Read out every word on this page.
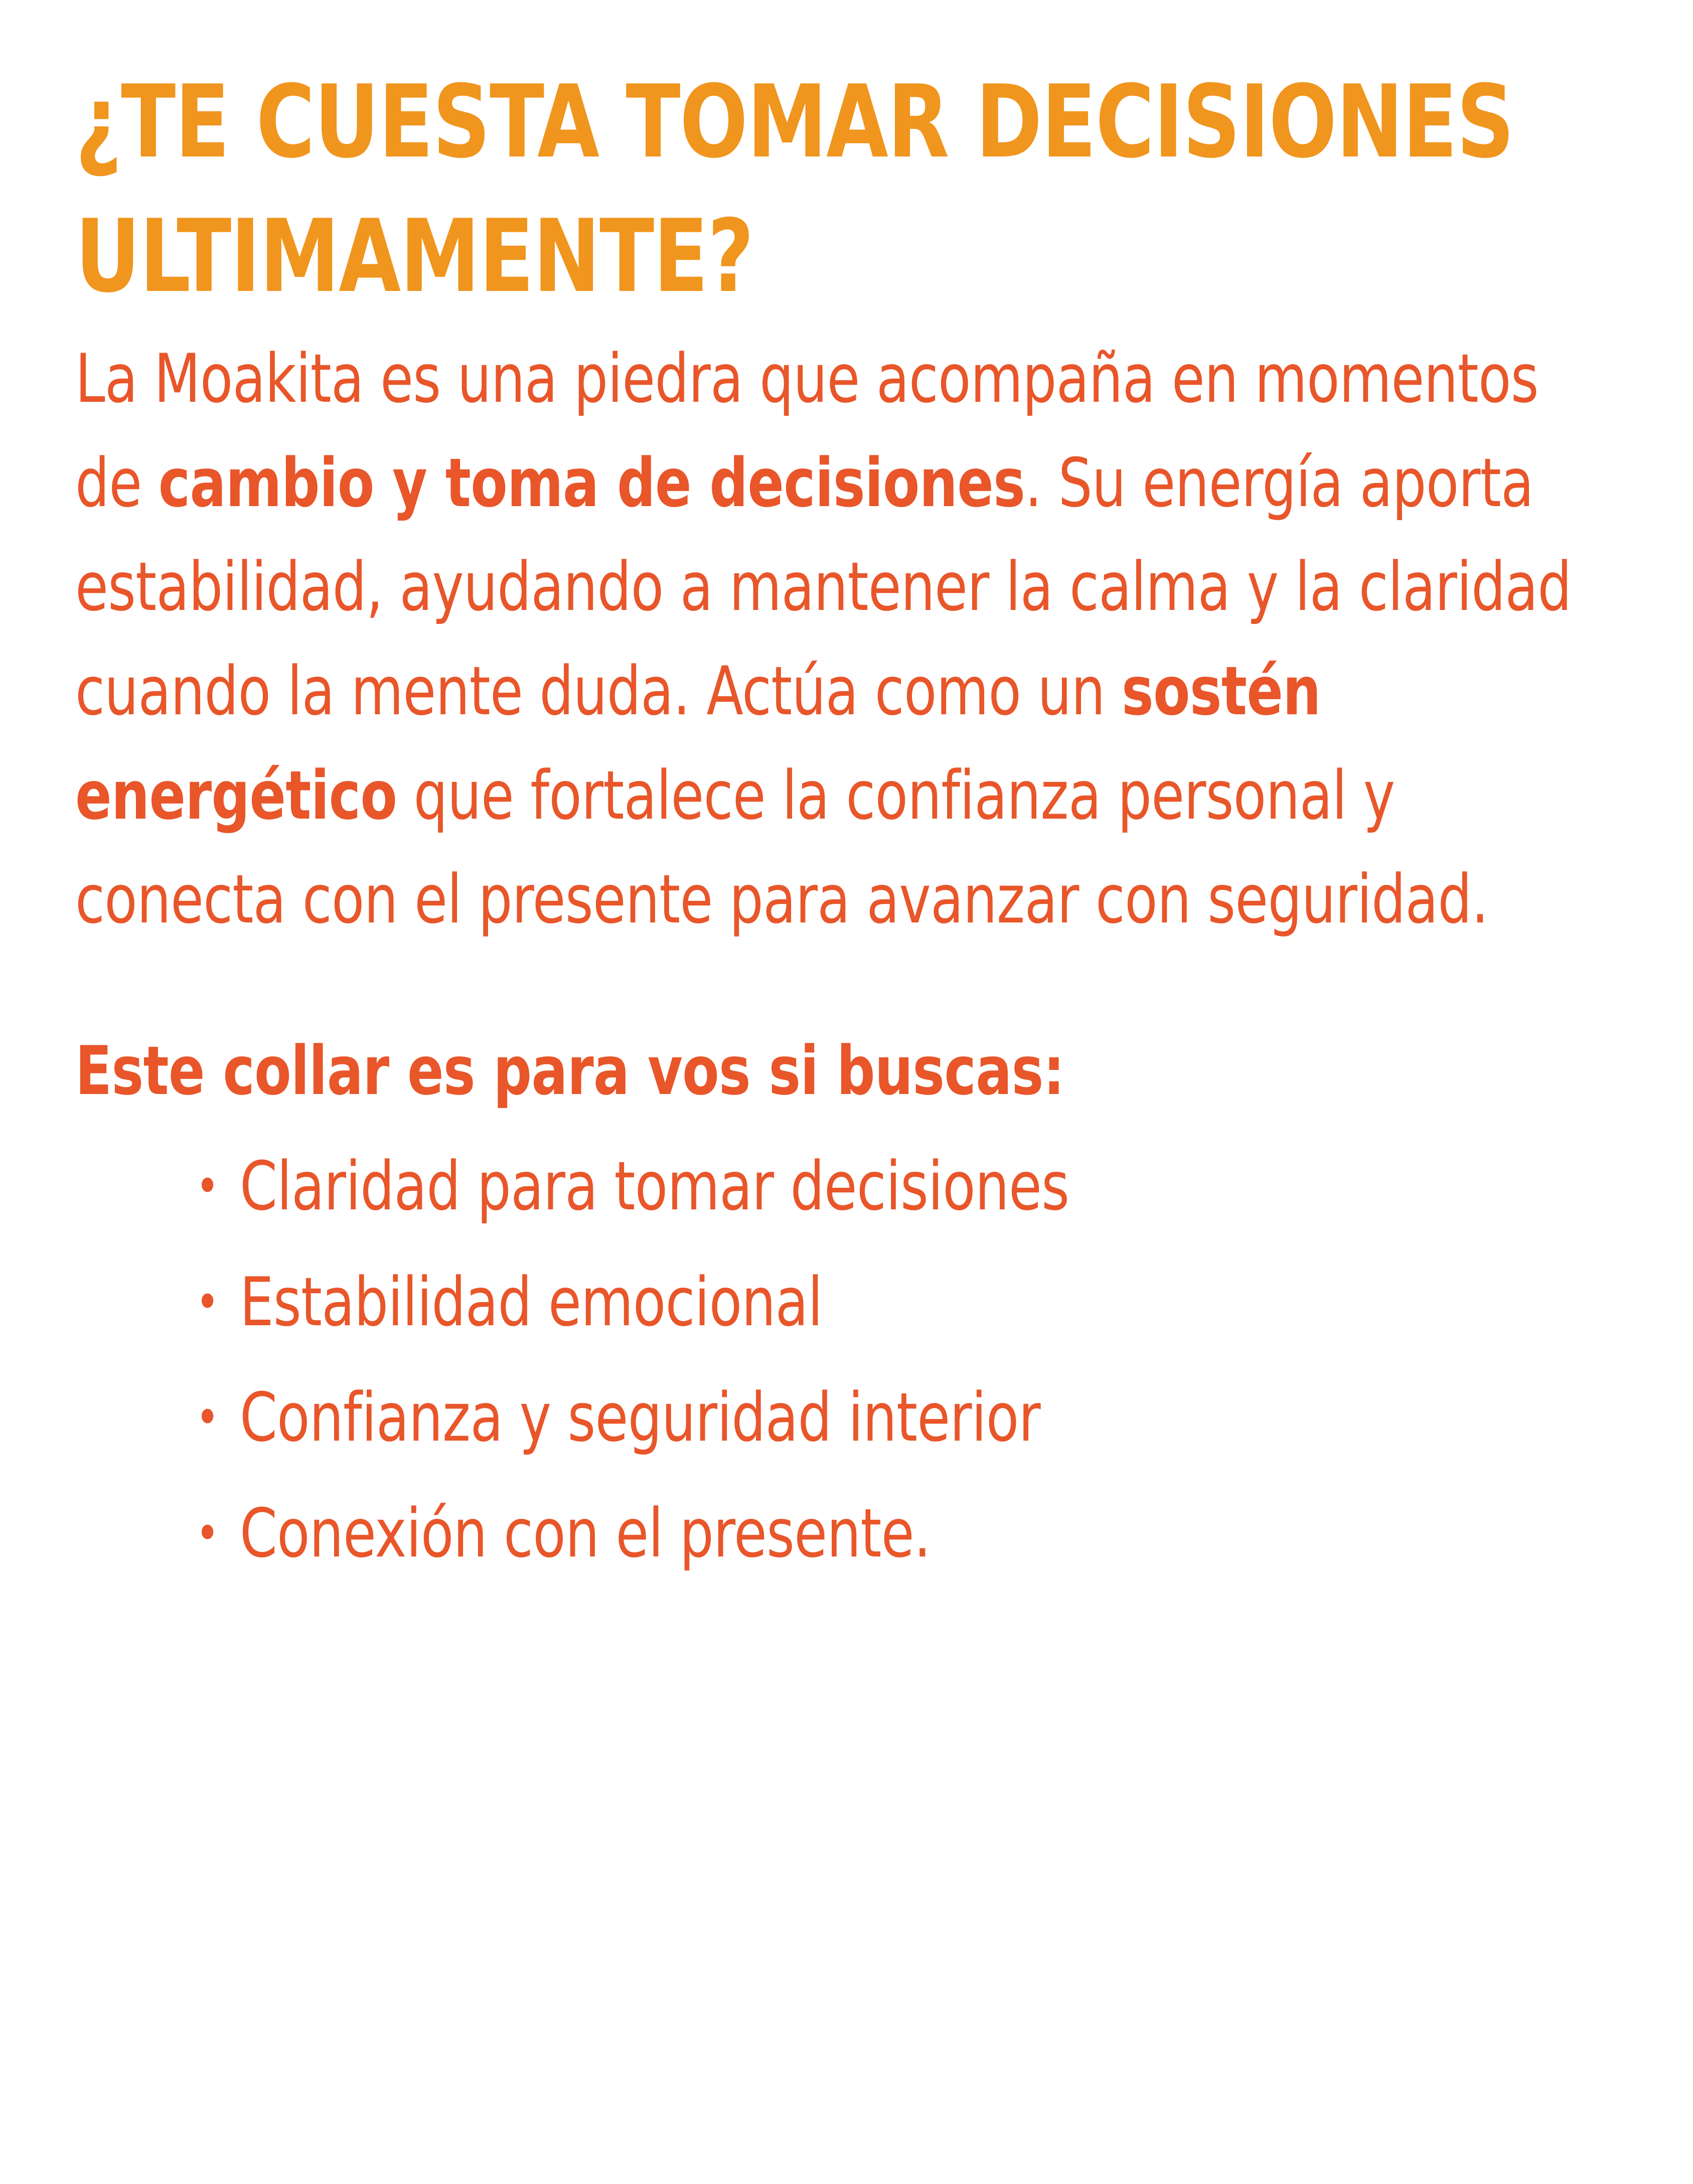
¿TE CUESTA TOMAR DECISIONES
ULTIMAMENTE?

La Moakita es una piedra que acompaña en momentos de cambio y toma de decisiones. Su energía aporta estabilidad, ayudando a mantener la calma y la claridad cuando la mente duda. Actúa como un sostén energético que fortalece la confianza personal y conecta con el presente para avanzar con seguridad.

Este collar es para vos si buscas:
• Claridad para tomar decisiones
• Estabilidad emocional
• Confianza y seguridad interior
• Conexión con el presente.
